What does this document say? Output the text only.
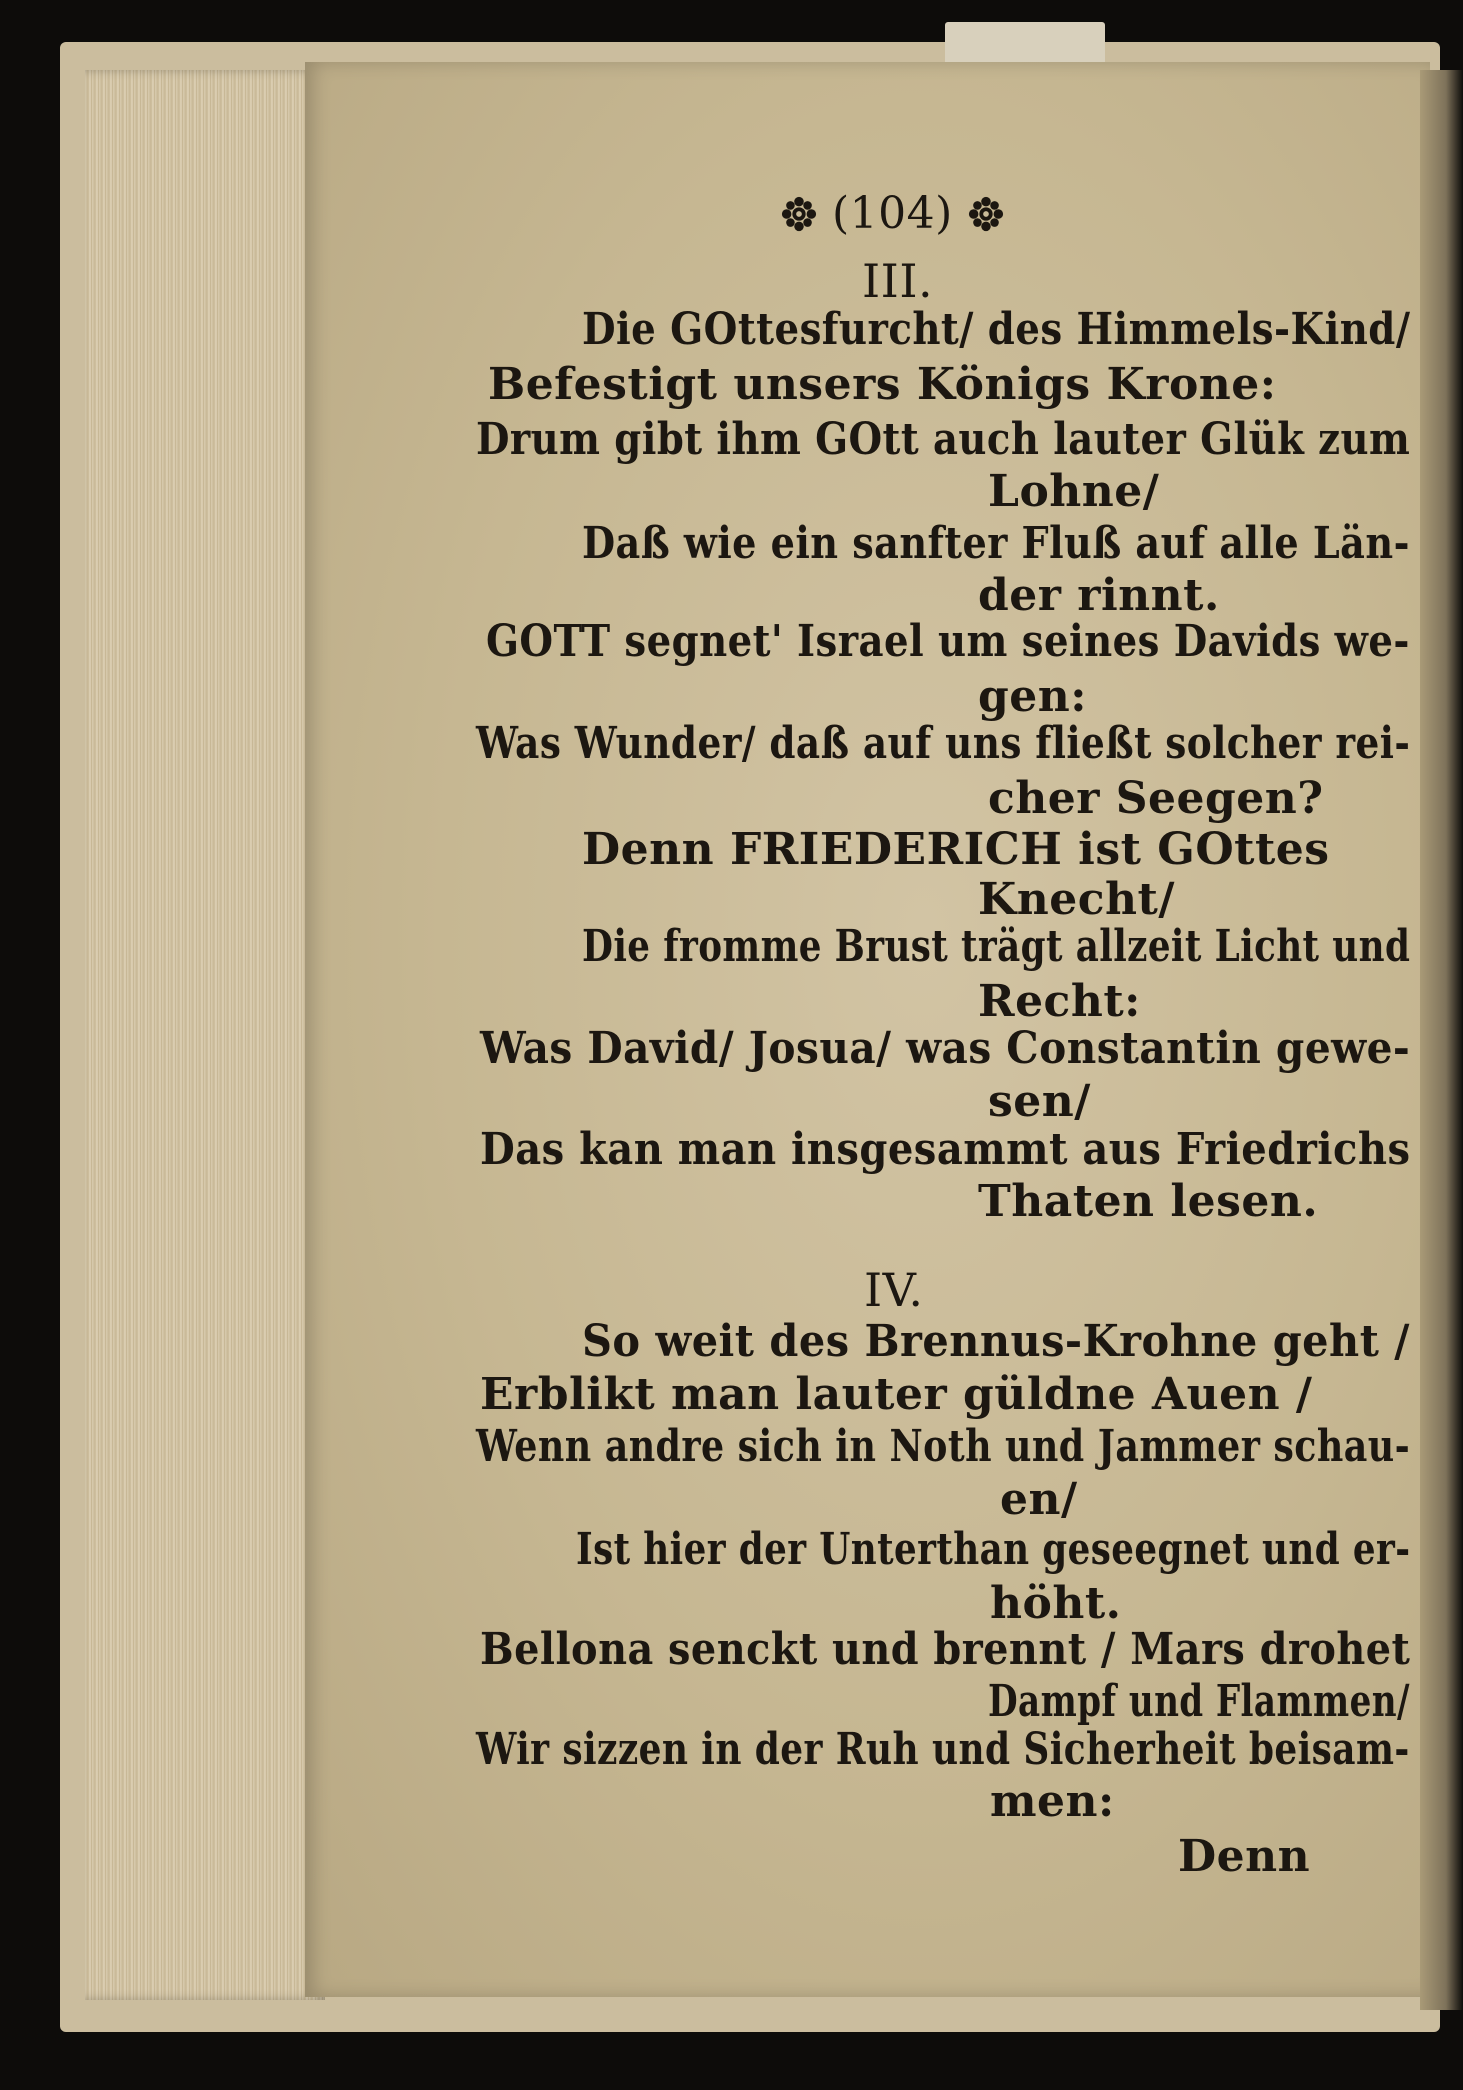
(104)
III.
Die GOttesfurcht/ des Himmels-Kind/
Befestigt unsers Königs Krone:
Drum gibt ihm GOtt auch lauter Glük zum
Lohne/
Daß wie ein sanfter Fluß auf alle Län-
der rinnt.
GOTT segnet' Israel um seines Davids we-
gen:
Was Wunder/ daß auf uns fließt solcher rei-
cher Seegen?
Denn FRIEDERICH ist GOttes
Knecht/
Die fromme Brust trägt allzeit Licht und
Recht:
Was David/ Josua/ was Constantin gewe-
sen/
Das kan man insgesammt aus Friedrichs
Thaten lesen.
IV.
So weit des Brennus-Krohne geht /
Erblikt man lauter güldne Auen /
Wenn andre sich in Noth und Jammer schau-
en/
Ist hier der Unterthan geseegnet und er-
höht.
Bellona senckt und brennt / Mars drohet
Dampf und Flammen/
Wir sizzen in der Ruh und Sicherheit beisam-
men:
Denn
